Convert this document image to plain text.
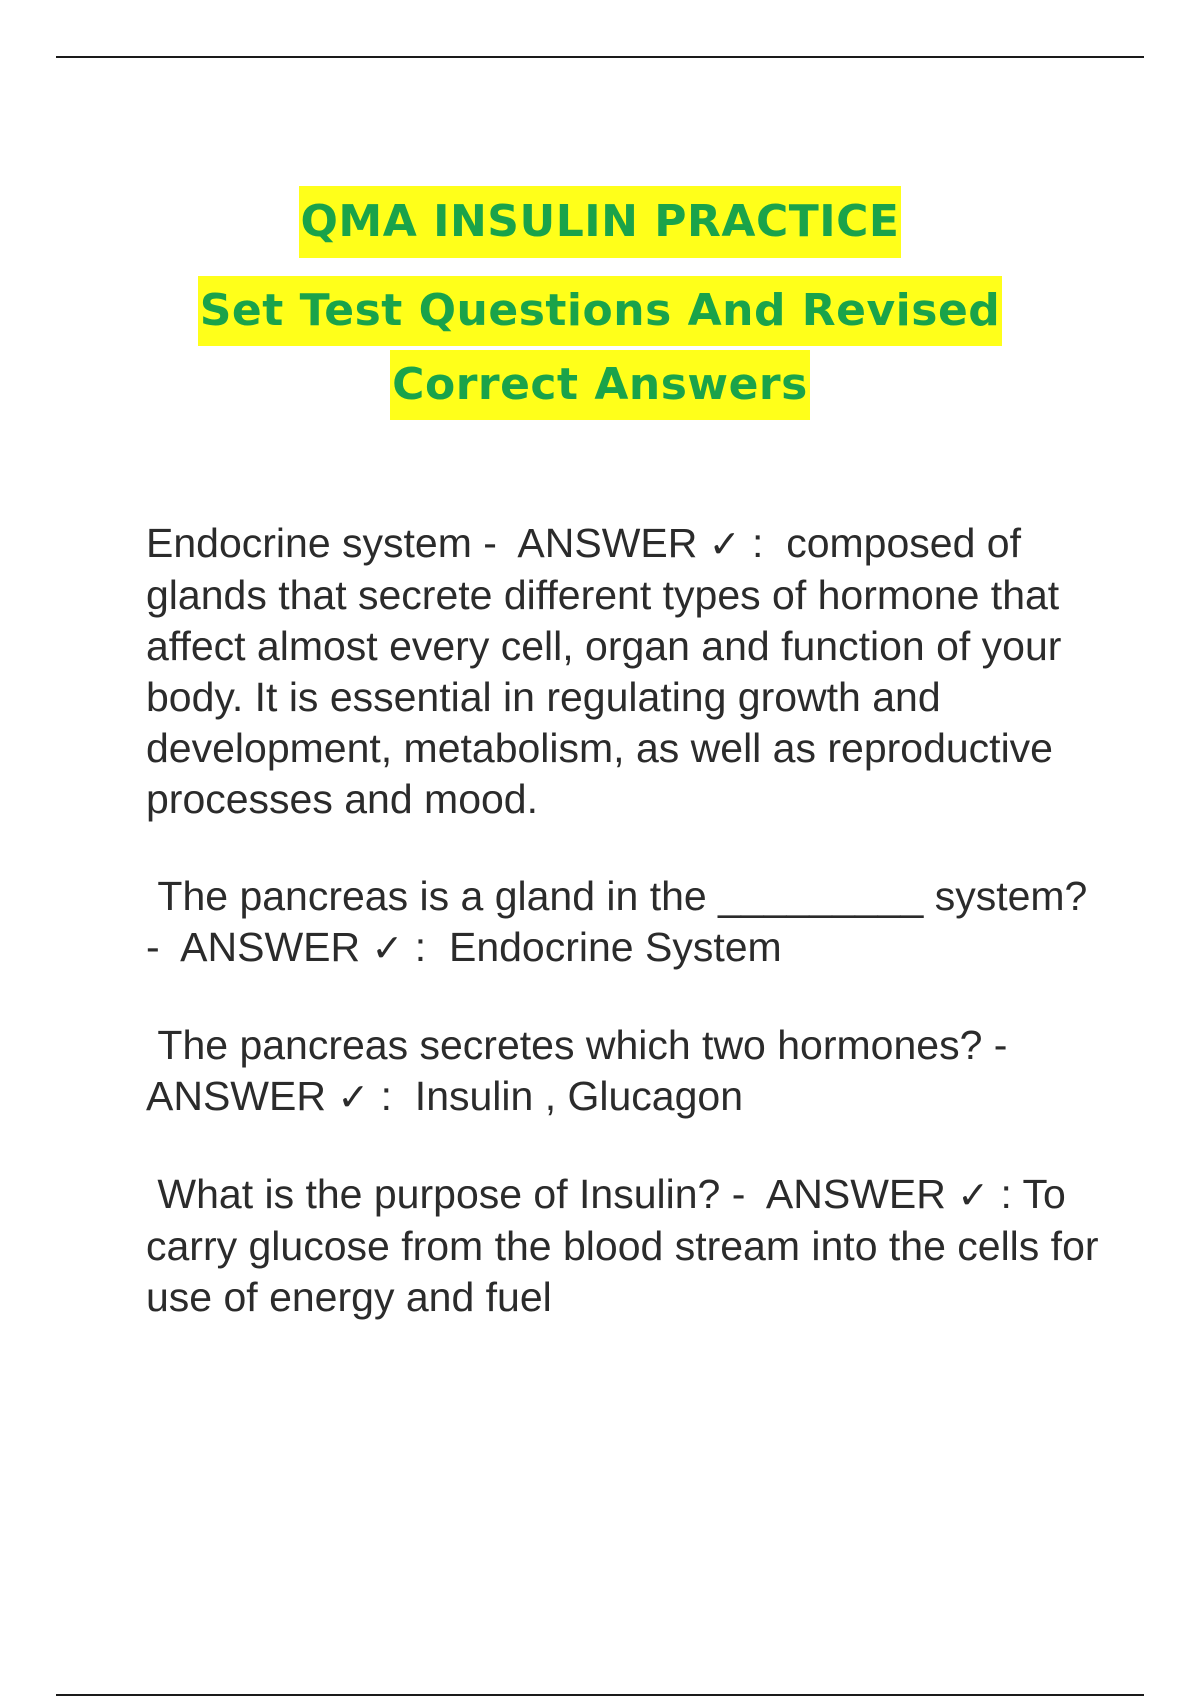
QMA INSULIN PRACTICE
Set Test Questions And Revised
Correct Answers

Endocrine system -  ANSWER ✓ :  composed of glands that secrete different types of hormone that affect almost every cell, organ and function of your body. It is essential in regulating growth and development, metabolism, as well as reproductive processes and mood.

The pancreas is a gland in the _________ system? -  ANSWER ✓ :  Endocrine System

The pancreas secretes which two hormones? - ANSWER ✓ :  Insulin , Glucagon

What is the purpose of Insulin? -  ANSWER ✓ : To carry glucose from the blood stream into the cells for use of energy and fuel
